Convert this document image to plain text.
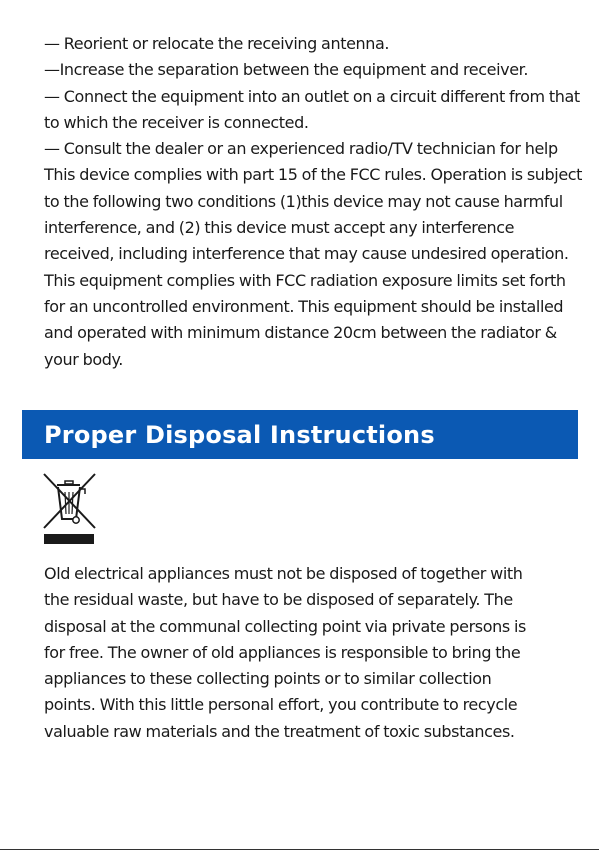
— Reorient or relocate the receiving antenna.
—Increase the separation between the equipment and receiver.
— Connect the equipment into an outlet on a circuit different from that
to which the receiver is connected.
— Consult the dealer or an experienced radio/TV technician for help
This device complies with part 15 of the FCC rules. Operation is subject
to the following two conditions (1)this device may not cause harmful
interference, and (2) this device must accept any interference
received, including interference that may cause undesired operation.
This equipment complies with FCC radiation exposure limits set forth
for an uncontrolled environment. This equipment should be installed
and operated with minimum distance 20cm between the radiator &
your body.
Proper Disposal Instructions
Old electrical appliances must not be disposed of together with
the residual waste, but have to be disposed of separately. The
disposal at the communal collecting point via private persons is
for free. The owner of old appliances is responsible to bring the
appliances to these collecting points or to similar collection
points. With this little personal effort, you contribute to recycle
valuable raw materials and the treatment of toxic substances.
